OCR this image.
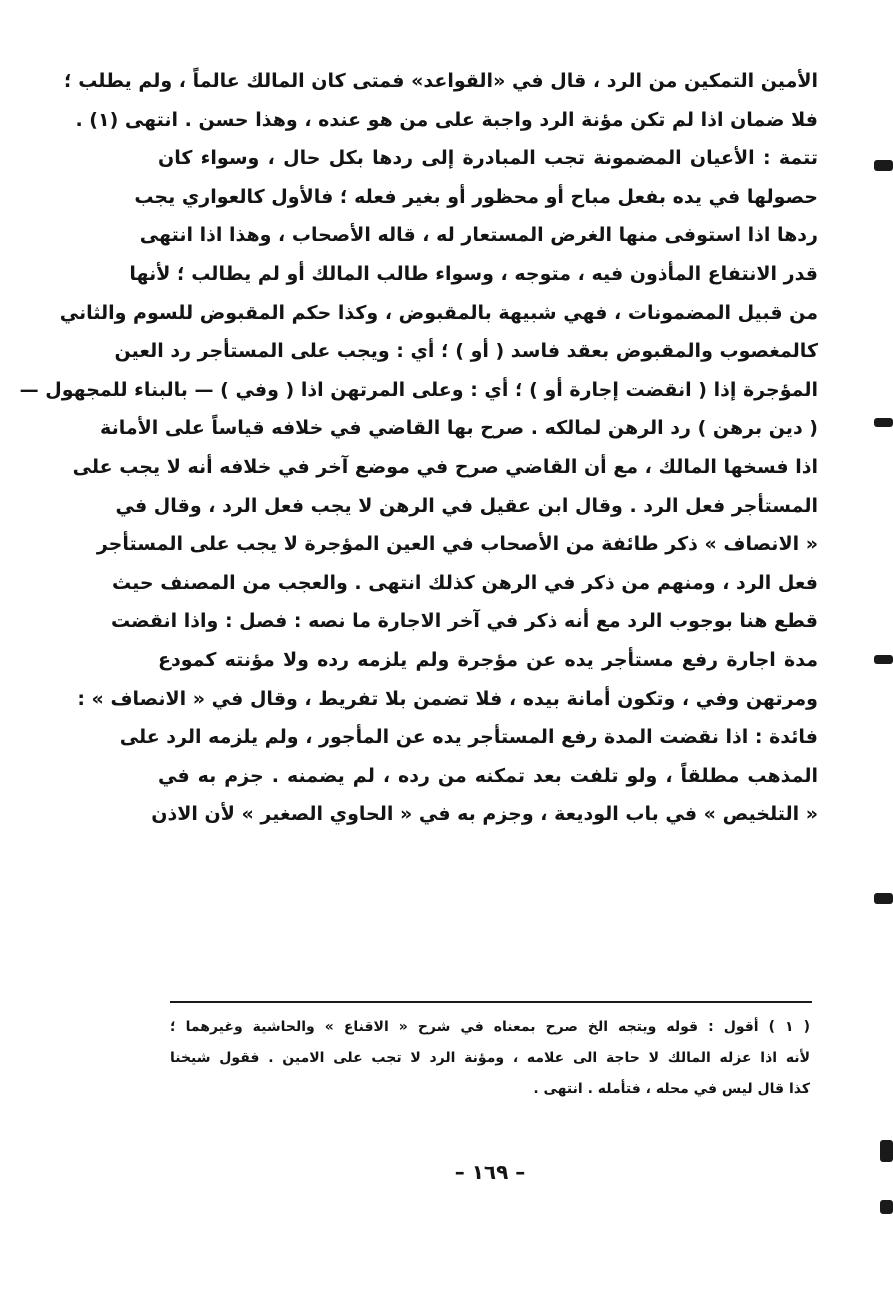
الأمين التمكين من الرد ، قال في «القواعد» فمتى كان المالك عالماً ، ولم يطلب ؛
فلا ضمان اذا لم تكن مؤنة الرد واجبة على من هو عنده ، وهذا حسن . انتهى (١) .
تتمة : الأعيان المضمونة تجب المبادرة إلى ردها بكل حال ، وسواء كان
حصولها في يده بفعل مباح أو محظور أو بغير فعله ؛ فالأول كالعواري يجب
ردها اذا استوفى منها الغرض المستعار له ، قاله الأصحاب ، وهذا اذا انتهى
قدر الانتفاع المأذون فيه ، متوجه ، وسواء طالب المالك أو لم يطالب ؛ لأنها
من قبيل المضمونات ، فهي شبيهة بالمقبوض ، وكذا حكم المقبوض للسوم والثاني
كالمغصوب والمقبوض بعقد فاسد ( أو ) ؛ أي : ويجب على المستأجر رد العين
المؤجرة إذا ( انقضت إجارة أو ) ؛ أي : وعلى المرتهن اذا ( وفي ) — بالبناء للمجهول —
( دين برهن ) رد الرهن لمالكه . صرح بها القاضي في خلافه قياساً على الأمانة
اذا فسخها المالك ، مع أن القاضي صرح في موضع آخر في خلافه أنه لا يجب على
المستأجر فعل الرد . وقال ابن عقيل في الرهن لا يجب فعل الرد ، وقال في
« الانصاف » ذكر طائفة من الأصحاب في العين المؤجرة لا يجب على المستأجر
فعل الرد ، ومنهم من ذكر في الرهن كذلك انتهى . والعجب من المصنف حيث
قطع هنا بوجوب الرد مع أنه ذكر في آخر الاجارة ما نصه : فصل : واذا انقضت
مدة اجارة رفع مستأجر يده عن مؤجرة ولم يلزمه رده ولا مؤنته كمودع
ومرتهن وفي ، وتكون أمانة بيده ، فلا تضمن بلا تفريط ، وقال في « الانصاف » :
فائدة : اذا نقضت المدة رفع المستأجر يده عن المأجور ، ولم يلزمه الرد على
المذهب مطلقاً ، ولو تلفت بعد تمكنه من رده ، لم يضمنه . جزم به في
« التلخيص » في باب الوديعة ، وجزم به في « الحاوي الصغير » لأن الاذن
( ١ ) أقول : قوله ويتجه الخ صرح بمعناه في شرح « الاقناع » والحاشية وغيرهما ؛
لأنه اذا عزله المالك لا حاجة الى علامه ، ومؤنة الرد لا تجب على الامين . فقول شيخنا
كذا قال ليس في محله ، فتأمله . انتهى .
– ١٦٩ –
